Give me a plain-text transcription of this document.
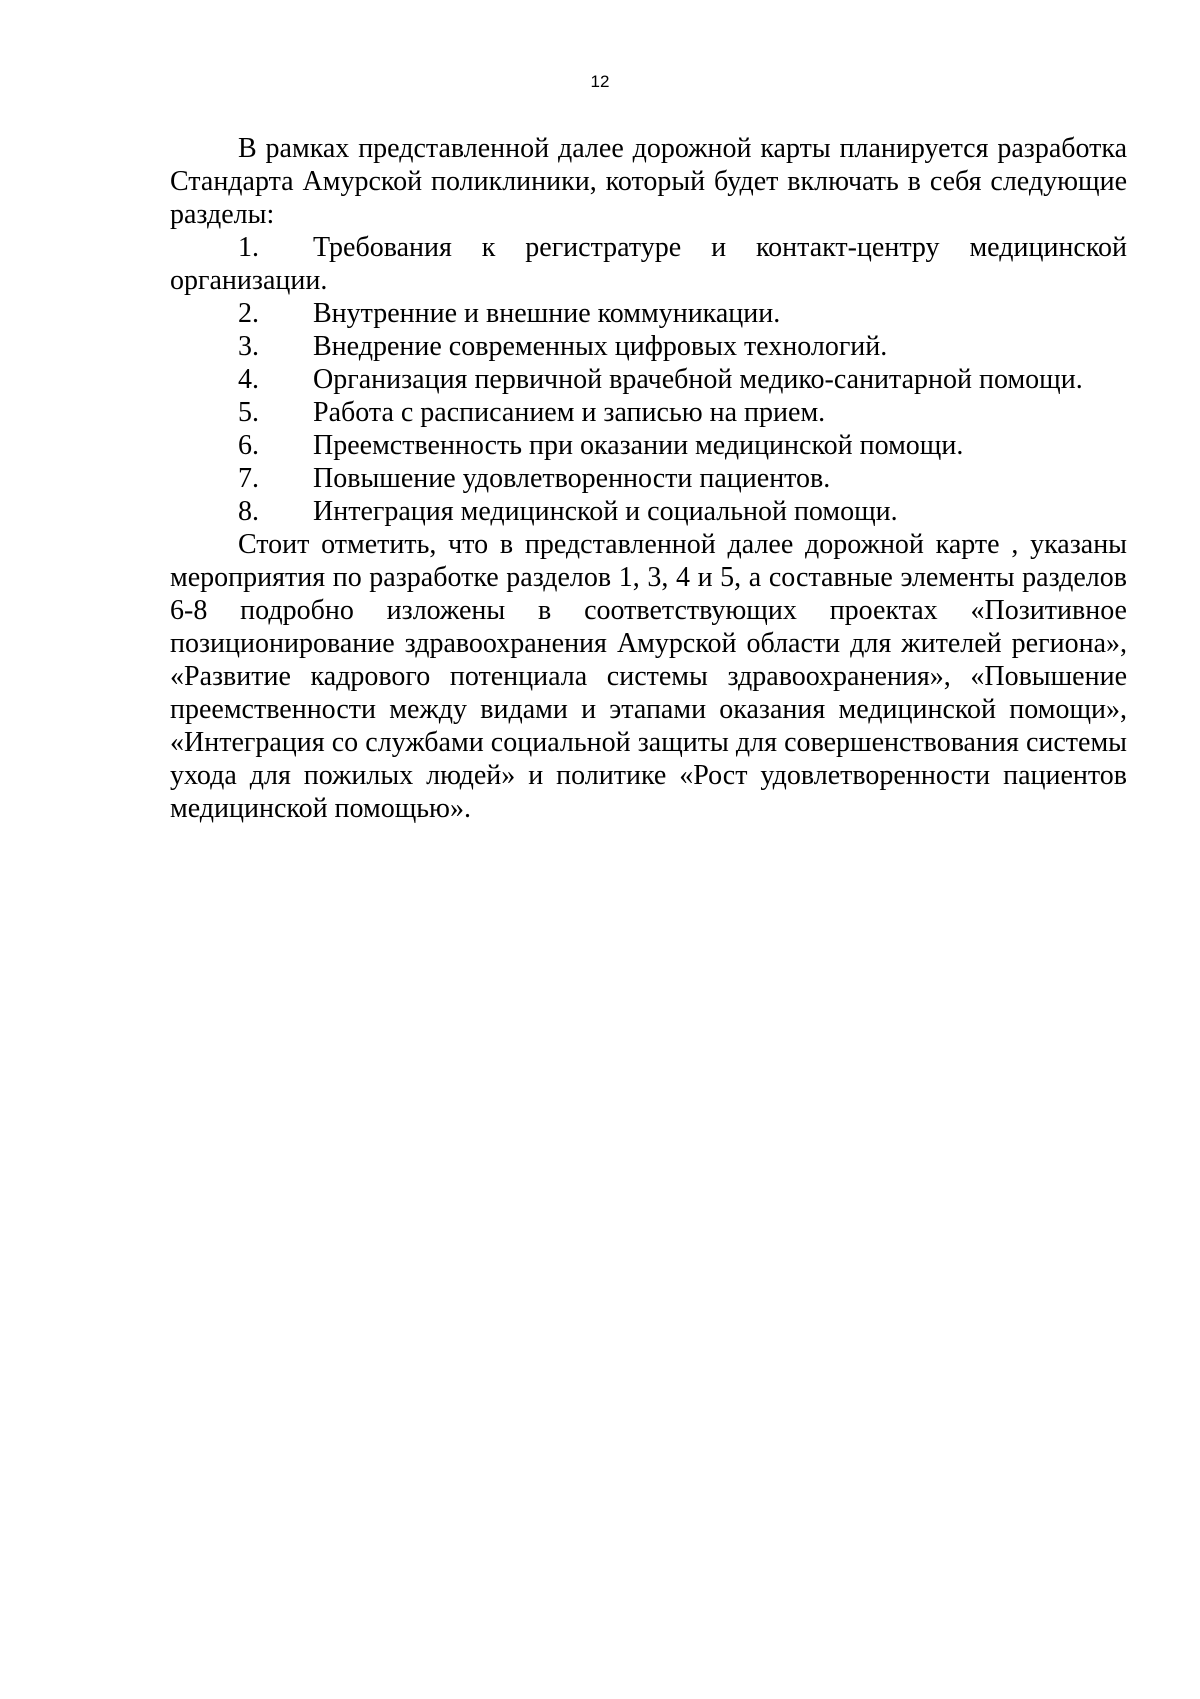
12

В рамках представленной далее дорожной карты планируется разработка Стандарта Амурской поликлиники, который будет включать в себя следующие разделы:

1. Требования к регистратуре и контакт-центру медицинской организации.

2.	Внутренние и внешние коммуникации.

3.	Внедрение современных цифровых технологий.

4.	Организация первичной врачебной медико-санитарной помощи.

5.	Работа с расписанием и записью на прием.

6.	Преемственность при оказании медицинской помощи.

7.	Повышение удовлетворенности пациентов.

8.	Интеграция медицинской и социальной помощи.

Стоит отметить, что в представленной далее дорожной карте , указаны мероприятия по разработке разделов 1, 3, 4 и 5, а составные элементы разделов 6-8 подробно изложены в соответствующих проектах «Позитивное позиционирование здравоохранения Амурской области для жителей региона», «Развитие кадрового потенциала системы здравоохранения», «Повышение преемственности между видами и этапами оказания медицинской помощи», «Интеграция со службами социальной защиты для совершенствования системы ухода для пожилых людей» и политике «Рост удовлетворенности пациентов медицинской помощью».
